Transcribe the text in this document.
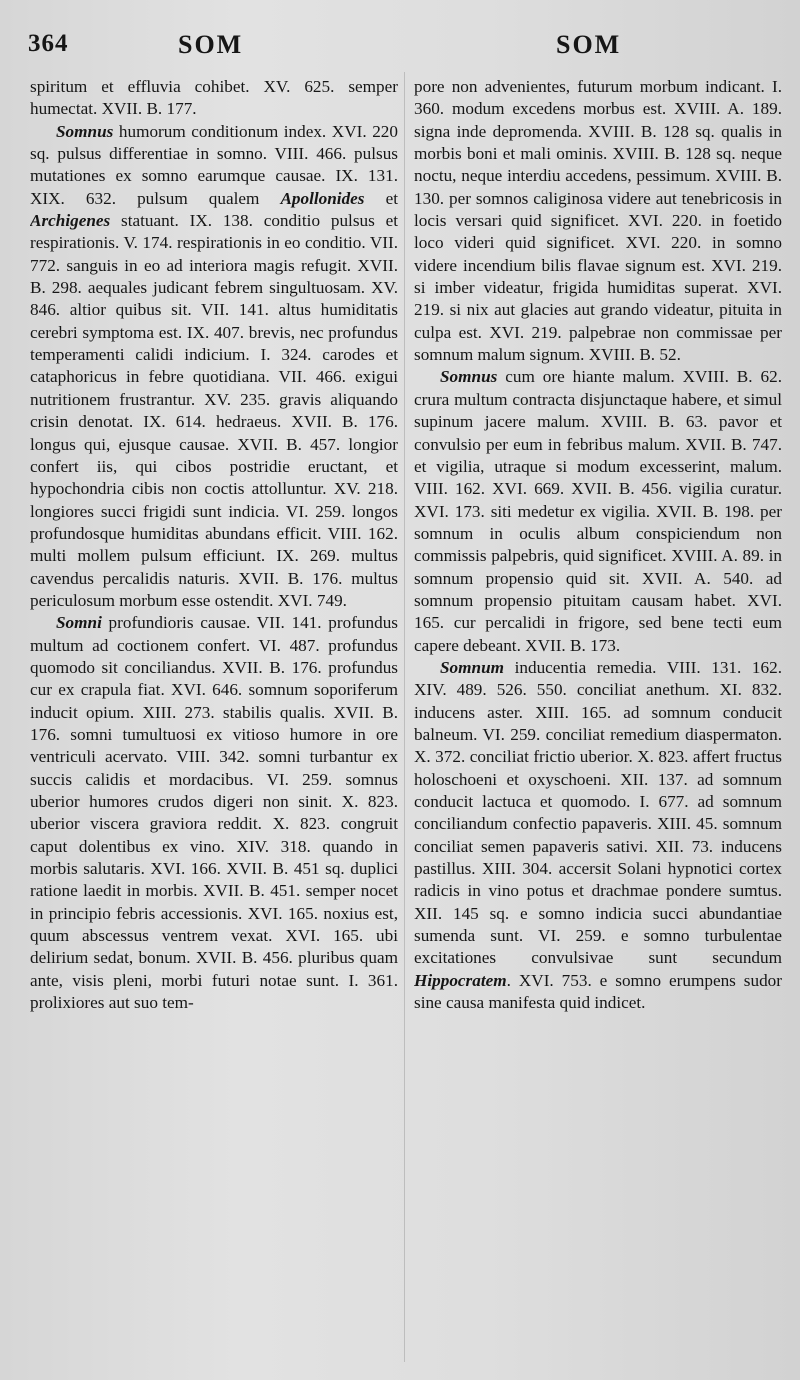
364	SOM	SOM

spiritum et effluvia cohibet. XV. 625. semper humectat. XVII. B. 177.

Somnus humorum conditionum index. XVI. 220 sq. pulsus differentiae in somno. VIII. 466. pulsus mutationes ex somno earumque causae. IX. 131. XIX. 632. pulsum qualem Apollonides et Archigenes statuant. IX. 138. conditio pulsus et respirationis. V. 174. respirationis in eo conditio. VII. 772. sanguis in eo ad interiora magis refugit. XVII. B. 298. aequales judicant febrem singultuosam. XV. 846. altior quibus sit. VII. 141. altus humiditatis cerebri symptoma est. IX. 407. brevis, nec profundus temperamenti calidi indicium. I. 324. carodes et cataphoricus in febre quotidiana. VII. 466. exigui nutritionem frustrantur. XV. 235. gravis aliquando crisin denotat. IX. 614. hedraeus. XVII. B. 176. longus qui, ejusque causae. XVII. B. 457. longior confert iis, qui cibos postridie eructant, et hypochondria cibis non coctis attolluntur. XV. 218. longiores succi frigidi sunt indicia. VI. 259. longos profundosque humiditas abundans efficit. VIII. 162. multi mollem pulsum efficiunt. IX. 269. multus cavendus percalidis naturis. XVII. B. 176. multus periculosum morbum esse ostendit. XVI. 749.

Somni profundioris causae. VII. 141. profundus multum ad coctionem confert. VI. 487. profundus quomodo sit conciliandus. XVII. B. 176. profundus cur ex crapula fiat. XVI. 646. somnum soporiferum inducit opium. XIII. 273. stabilis qualis. XVII. B. 176. somni tumultuosi ex vitioso humore in ore ventriculi acervato. VIII. 342. somni turbantur ex succis calidis et mordacibus. VI. 259. somnus uberior humores crudos digeri non sinit. X. 823. uberior viscera graviora reddit. X. 823. congruit caput dolentibus ex vino. XIV. 318. quando in morbis salutaris. XVI. 166. XVII. B. 451 sq. duplici ratione laedit in morbis. XVII. B. 451. semper nocet in principio febris accessionis. XVI. 165. noxius est, quum abscessus ventrem vexat. XVI. 165. ubi delirium sedat, bonum. XVII. B. 456. pluribus quam ante, visis pleni, morbi futuri notae sunt. I. 361. prolixiores aut suo tem-

pore non advenientes, futurum morbum indicant. I. 360. modum excedens morbus est. XVIII. A. 189. signa inde depromenda. XVIII. B. 128 sq. qualis in morbis boni et mali ominis. XVIII. B. 128 sq. neque noctu, neque interdiu accedens, pessimum. XVIII. B. 130. per somnos caliginosa videre aut tenebricosis in locis versari quid significet. XVI. 220. in foetido loco videri quid significet. XVI. 220. in somno videre incendium bilis flavae signum est. XVI. 219. si imber videatur, frigida humiditas superat. XVI. 219. si nix aut glacies aut grando videatur, pituita in culpa est. XVI. 219. palpebrae non commissae per somnum malum signum. XVIII. B. 52.

Somnus cum ore hiante malum. XVIII. B. 62. crura multum contracta disjunctaque habere, et simul supinum jacere malum. XVIII. B. 63. pavor et convulsio per eum in febribus malum. XVII. B. 747. et vigilia, utraque si modum excesserint, malum. VIII. 162. XVI. 669. XVII. B. 456. vigilia curatur. XVI. 173. siti medetur ex vigilia. XVII. B. 198. per somnum in oculis album conspiciendum non commissis palpebris, quid significet. XVIII. A. 89. in somnum propensio quid sit. XVII. A. 540. ad somnum propensio pituitam causam habet. XVI. 165. cur percalidi in frigore, sed bene tecti eum capere debeant. XVII. B. 173.

Somnum inducentia remedia. VIII. 131. 162. XIV. 489. 526. 550. conciliat anethum. XI. 832. inducens aster. XIII. 165. ad somnum conducit balneum. VI. 259. conciliat remedium diaspermaton. X. 372. conciliat frictio uberior. X. 823. affert fructus holoschoeni et oxyschoeni. XII. 137. ad somnum conducit lactuca et quomodo. I. 677. ad somnum conciliandum confectio papaveris. XIII. 45. somnum conciliat semen papaveris sativi. XII. 73. inducens pastillus. XIII. 304. accersit Solani hypnotici cortex radicis in vino potus et drachmae pondere sumtus. XII. 145 sq. e somno indicia succi abundantiae sumenda sunt. VI. 259. e somno turbulentae excitationes convulsivae sunt secundum Hippocratem. XVI. 753. e somno erumpens sudor sine causa manifesta quid indicet.
